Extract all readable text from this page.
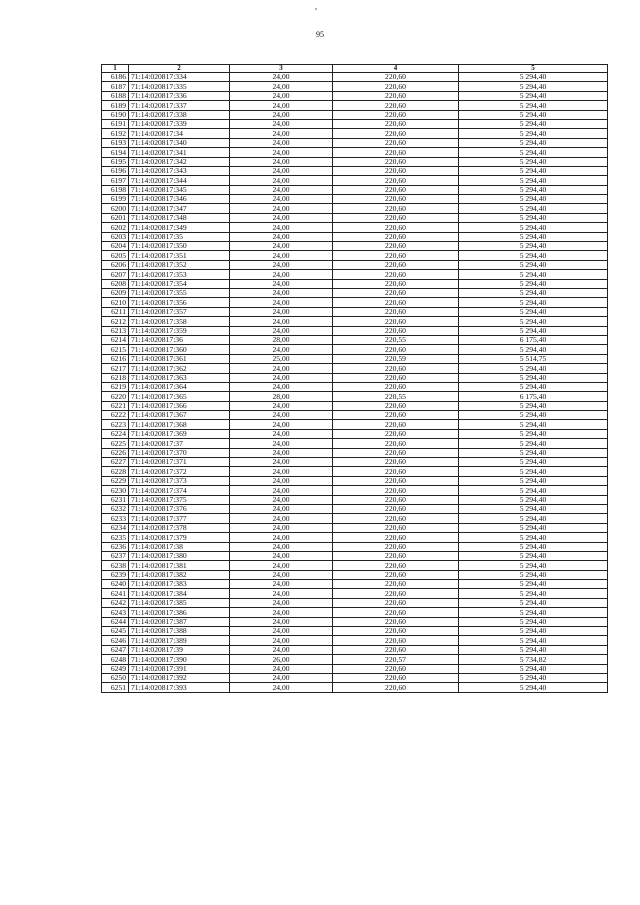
95
1	2	3	4	5
6186	71:14:020817:334	24,00	220,60	5 294,40
6187	71:14:020817:335	24,00	220,60	5 294,40
6188	71:14:020817:336	24,00	220,60	5 294,40
6189	71:14:020817:337	24,00	220,60	5 294,40
6190	71:14:020817:338	24,00	220,60	5 294,40
6191	71:14:020817:339	24,00	220,60	5 294,40
6192	71:14:020817:34	24,00	220,60	5 294,40
6193	71:14:020817:340	24,00	220,60	5 294,40
6194	71:14:020817:341	24,00	220,60	5 294,40
6195	71:14:020817:342	24,00	220,60	5 294,40
6196	71:14:020817:343	24,00	220,60	5 294,40
6197	71:14:020817:344	24,00	220,60	5 294,40
6198	71:14:020817:345	24,00	220,60	5 294,40
6199	71:14:020817:346	24,00	220,60	5 294,40
6200	71:14:020817:347	24,00	220,60	5 294,40
6201	71:14:020817:348	24,00	220,60	5 294,40
6202	71:14:020817:349	24,00	220,60	5 294,40
6203	71:14:020817:35	24,00	220,60	5 294,40
6204	71:14:020817:350	24,00	220,60	5 294,40
6205	71:14:020817:351	24,00	220,60	5 294,40
6206	71:14:020817:352	24,00	220,60	5 294,40
6207	71:14:020817:353	24,00	220,60	5 294,40
6208	71:14:020817:354	24,00	220,60	5 294,40
6209	71:14:020817:355	24,00	220,60	5 294,40
6210	71:14:020817:356	24,00	220,60	5 294,40
6211	71:14:020817:357	24,00	220,60	5 294,40
6212	71:14:020817:358	24,00	220,60	5 294,40
6213	71:14:020817:359	24,00	220,60	5 294,40
6214	71:14:020817:36	28,00	220,55	6 175,40
6215	71:14:020817:360	24,00	220,60	5 294,40
6216	71:14:020817:361	25,00	220,59	5 514,75
6217	71:14:020817:362	24,00	220,60	5 294,40
6218	71:14:020817:363	24,00	220,60	5 294,40
6219	71:14:020817:364	24,00	220,60	5 294,40
6220	71:14:020817:365	28,00	220,55	6 175,40
6221	71:14:020817:366	24,00	220,60	5 294,40
6222	71:14:020817:367	24,00	220,60	5 294,40
6223	71:14:020817:368	24,00	220,60	5 294,40
6224	71:14:020817:369	24,00	220,60	5 294,40
6225	71:14:020817:37	24,00	220,60	5 294,40
6226	71:14:020817:370	24,00	220,60	5 294,40
6227	71:14:020817:371	24,00	220,60	5 294,40
6228	71:14:020817:372	24,00	220,60	5 294,40
6229	71:14:020817:373	24,00	220,60	5 294,40
6230	71:14:020817:374	24,00	220,60	5 294,40
6231	71:14:020817:375	24,00	220,60	5 294,40
6232	71:14:020817:376	24,00	220,60	5 294,40
6233	71:14:020817:377	24,00	220,60	5 294,40
6234	71:14:020817:378	24,00	220,60	5 294,40
6235	71:14:020817:379	24,00	220,60	5 294,40
6236	71:14:020817:38	24,00	220,60	5 294,40
6237	71:14:020817:380	24,00	220,60	5 294,40
6238	71:14:020817:381	24,00	220,60	5 294,40
6239	71:14:020817:382	24,00	220,60	5 294,40
6240	71:14:020817:383	24,00	220,60	5 294,40
6241	71:14:020817:384	24,00	220,60	5 294,40
6242	71:14:020817:385	24,00	220,60	5 294,40
6243	71:14:020817:386	24,00	220,60	5 294,40
6244	71:14:020817:387	24,00	220,60	5 294,40
6245	71:14:020817:388	24,00	220,60	5 294,40
6246	71:14:020817:389	24,00	220,60	5 294,40
6247	71:14:020817:39	24,00	220,60	5 294,40
6248	71:14:020817:390	26,00	220,57	5 734,82
6249	71:14:020817:391	24,00	220,60	5 294,40
6250	71:14:020817:392	24,00	220,60	5 294,40
6251	71:14:020817:393	24,00	220,60	5 294,40
